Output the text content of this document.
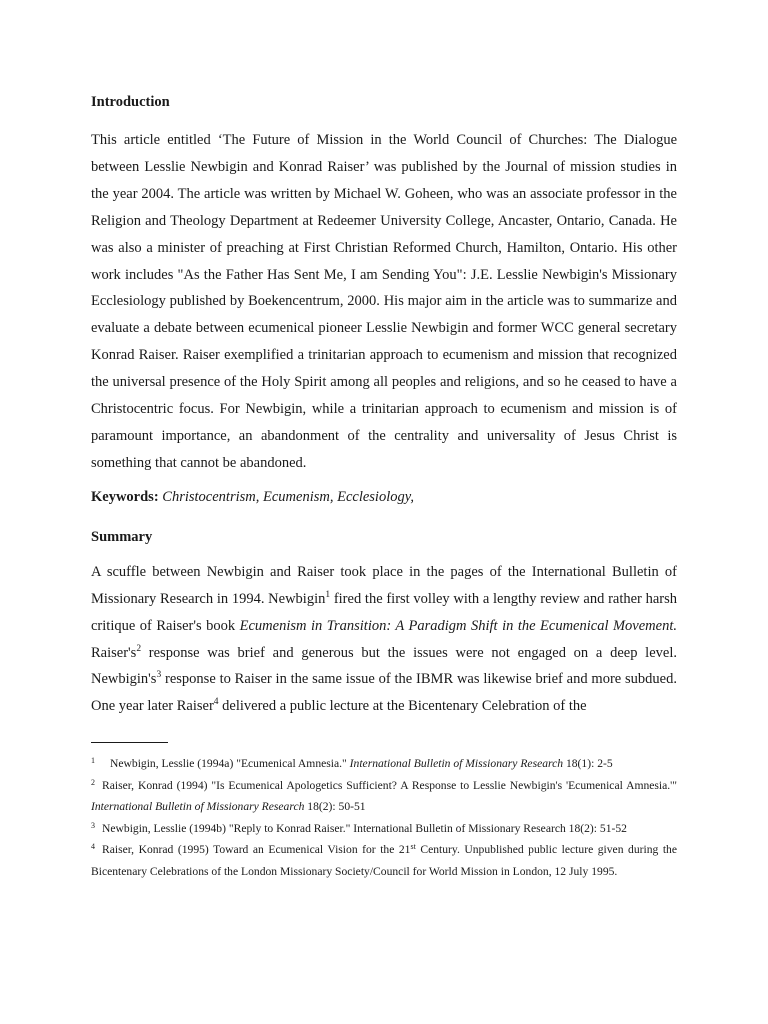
Introduction

This article entitled ‘The Future of Mission in the World Council of Churches: The Dialogue between Lesslie Newbigin and Konrad Raiser’ was published by the Journal of mission studies in the year 2004. The article was written by Michael W. Goheen, who was an associate professor in the Religion and Theology Department at Redeemer University College, Ancaster, Ontario, Canada. He was also a minister of preaching at First Christian Reformed Church, Hamilton, Ontario. His other work includes "As the Father Has Sent Me, I am Sending You": J.E. Lesslie Newbigin's Missionary Ecclesiology published by Boekencentrum, 2000. His major aim in the article was to summarize and evaluate a debate between ecumenical pioneer Lesslie Newbigin and former WCC general secretary Konrad Raiser. Raiser exemplified a trinitarian approach to ecumenism and mission that recognized the universal presence of the Holy Spirit among all peoples and religions, and so he ceased to have a Christocentric focus. For Newbigin, while a trinitarian approach to ecumenism and mission is of paramount importance, an abandonment of the centrality and universality of Jesus Christ is something that cannot be abandoned.

Keywords: Christocentrism, Ecumenism, Ecclesiology,
Summary

A scuffle between Newbigin and Raiser took place in the pages of the International Bulletin of Missionary Research in 1994. Newbigin$^1$ fired the first volley with a lengthy review and rather harsh critique of Raiser's book Ecumenism in Transition: A Paradigm Shift in the Ecumenical Movement. $Raiser's^2$ response was brief and generous but the issues were not engaged on a deep level. $Newbigin's^3$ response to Raiser in the same issue of the IBMR was likewise brief and more subdued. One year later Raiser$^4$ delivered a public lecture at the Bicentenary Celebration of the

1 Newbigin, Lesslie (1994a) "Ecumenical Amnesia." International Bulletin of Missionary Research 18(1): 2-5

2 Raiser, Konrad (1994) "Is Ecumenical Apologetics Sufficient? A Response to Lesslie Newbigin's 'Ecumenical Amnesia.'" International Bulletin of Missionary Research 18(2): 50-51

3 Newbigin, Lesslie (1994b) "Reply to Konrad Raiser." International Bulletin of Missionary Research 18(2): 51-52

4 Raiser, Konrad (1995) Toward an Ecumenical Vision for the 21st Century. Unpublished public lecture given during the Bicentenary Celebrations of the London Missionary Society/Council for World Mission in London, 12 July 1995.
